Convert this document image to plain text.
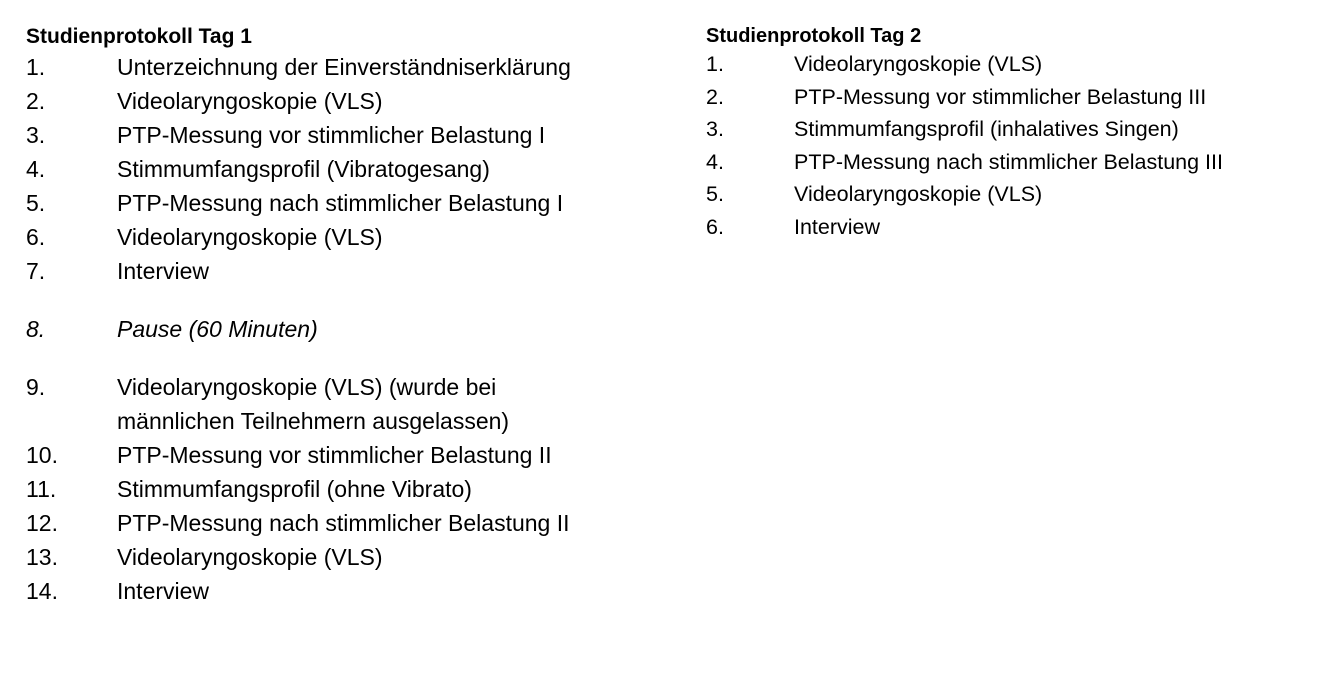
Studienprotokoll Tag 1
1.	Unterzeichnung der Einverständniserklärung
2.	Videolaryngoskopie (VLS)
3.	PTP-Messung vor stimmlicher Belastung I
4.	Stimmumfangsprofil (Vibratogesang)
5.	PTP-Messung nach stimmlicher Belastung I
6.	Videolaryngoskopie (VLS)
7.	Interview
8.	Pause (60 Minuten)
9.	Videolaryngoskopie (VLS) (wurde bei
männlichen Teilnehmern ausgelassen)
10.	PTP-Messung vor stimmlicher Belastung II
11.	Stimmumfangsprofil (ohne Vibrato)
12.	PTP-Messung nach stimmlicher Belastung II
13.	Videolaryngoskopie (VLS)
14.	Interview
Studienprotokoll Tag 2
1.	Videolaryngoskopie (VLS)
2.	PTP-Messung vor stimmlicher Belastung III
3.	Stimmumfangsprofil (inhalatives Singen)
4.	PTP-Messung nach stimmlicher Belastung III
5.	Videolaryngoskopie (VLS)
6.	Interview
